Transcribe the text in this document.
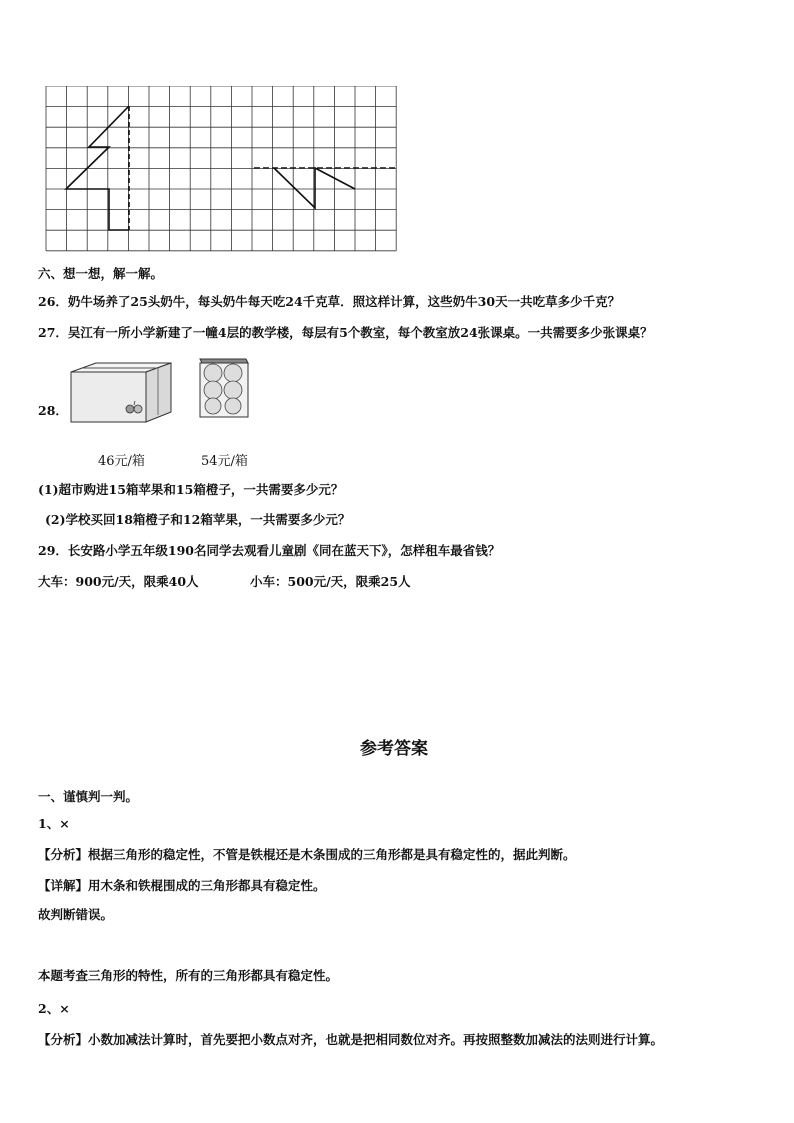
六、想一想，解一解。
26．奶牛场养了25头奶牛，每头奶牛每天吃24千克草．照这样计算，这些奶牛30天一共吃草多少千克？
27．吴江有一所小学新建了一幢4层的教学楼，每层有5个教室，每个教室放24张课桌。一共需要多少张课桌？
28．
46元/箱	54元/箱
(1)超市购进15箱苹果和15箱橙子，一共需要多少元？
(2)学校买回18箱橙子和12箱苹果，一共需要多少元？
29．长安路小学五年级190名同学去观看儿童剧《同在蓝天下》，怎样租车最省钱？
大车：900元/天，限乘40人	小车：500元/天，限乘25人
参考答案
一、谨慎判一判。
1、×
【分析】根据三角形的稳定性，不管是铁棍还是木条围成的三角形都是具有稳定性的，据此判断。
【详解】用木条和铁棍围成的三角形都具有稳定性。
故判断错误。
本题考查三角形的特性，所有的三角形都具有稳定性。
2、×
【分析】小数加减法计算时，首先要把小数点对齐，也就是把相同数位对齐。再按照整数加减法的法则进行计算。
